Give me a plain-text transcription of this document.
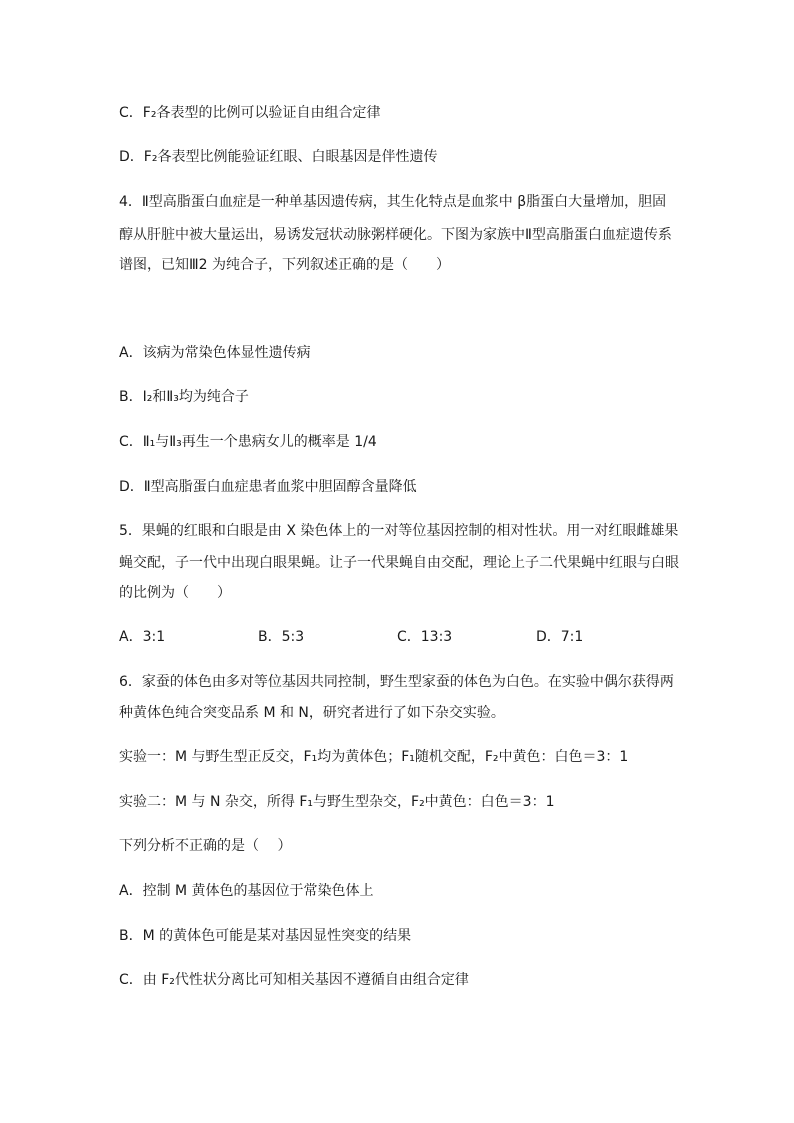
C．F₂各表型的比例可以验证自由组合定律
D．F₂各表型比例能验证红眼、白眼基因是伴性遗传
4．Ⅱ型高脂蛋白血症是一种单基因遗传病，其生化特点是血浆中 β脂蛋白大量增加，胆固
醇从肝脏中被大量运出，易诱发冠状动脉粥样硬化。下图为家族中Ⅱ型高脂蛋白血症遗传系
谱图，已知Ⅲ2 为纯合子，下列叙述正确的是（　　）
A．该病为常染色体显性遗传病
B．Ⅰ₂和Ⅱ₃均为纯合子
C．Ⅱ₁与Ⅱ₃再生一个患病女儿的概率是 1/4
D．Ⅱ型高脂蛋白血症患者血浆中胆固醇含量降低
5．果蝇的红眼和白眼是由 X 染色体上的一对等位基因控制的相对性状。用一对红眼雌雄果
蝇交配，子一代中出现白眼果蝇。让子一代果蝇自由交配，理论上子二代果蝇中红眼与白眼
的比例为（　　）
A．3:1	B．5:3	C．13:3	D．7:1
6．家蚕的体色由多对等位基因共同控制，野生型家蚕的体色为白色。在实验中偶尔获得两
种黄体色纯合突变品系 M 和 N，研究者进行了如下杂交实验。
实验一：M 与野生型正反交，F₁均为黄体色；F₁随机交配，F₂中黄色：白色＝3：1
实验二：M 与 N 杂交，所得 F₁与野生型杂交，F₂中黄色：白色＝3：1
下列分析不正确的是（　 ）
A．控制 M 黄体色的基因位于常染色体上
B．M 的黄体色可能是某对基因显性突变的结果
C．由 F₂代性状分离比可知相关基因不遵循自由组合定律
